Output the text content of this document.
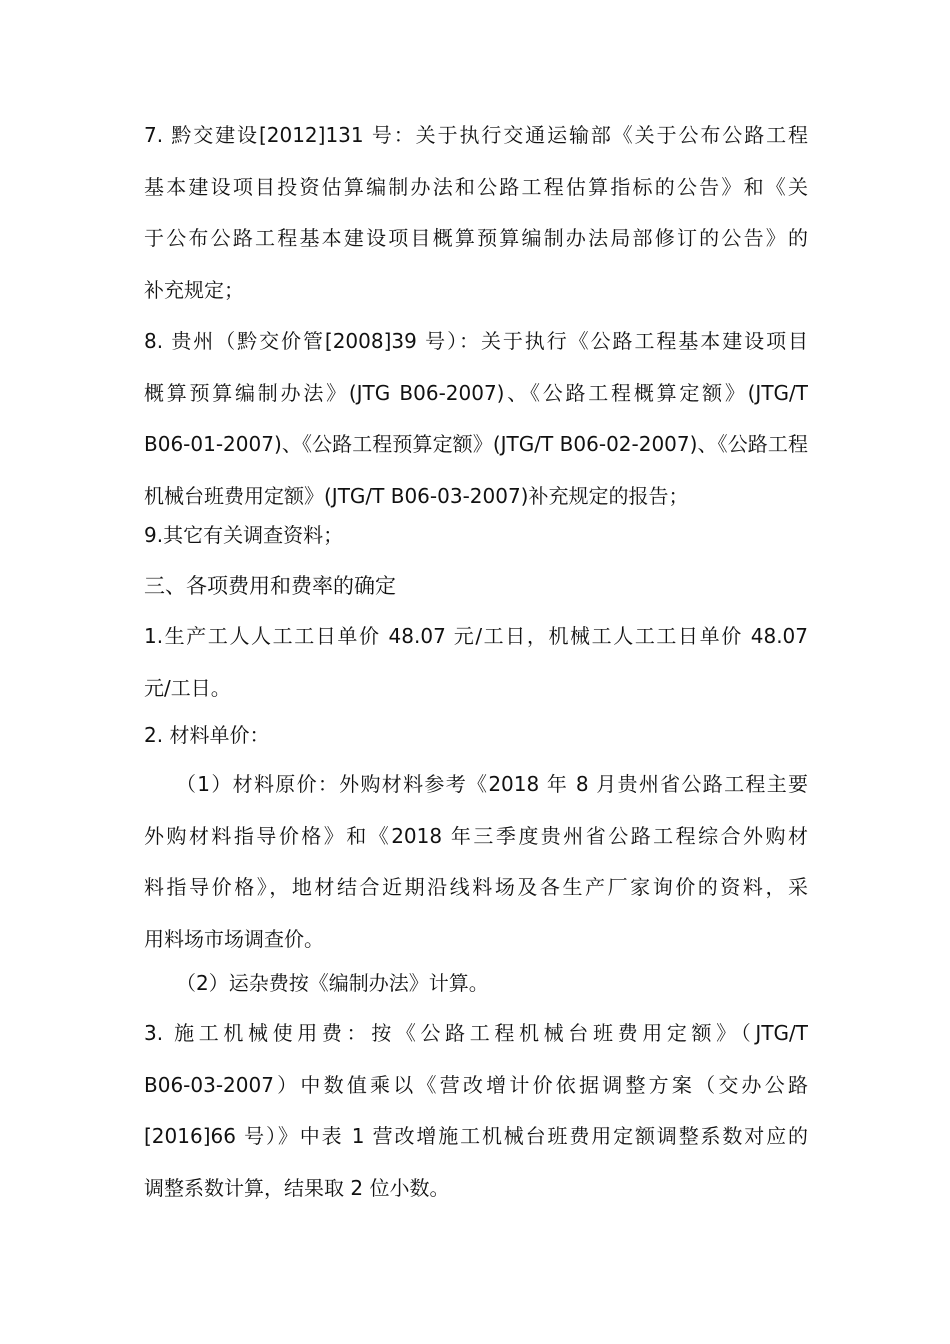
7. 黔交建设[2012]131 号：关于执行交通运输部《关于公布公路工程
基本建设项目投资估算编制办法和公路工程估算指标的公告》和《关
于公布公路工程基本建设项目概算预算编制办法局部修订的公告》的
补充规定；
8. 贵州（黔交价管[2008]39 号）：关于执行《公路工程基本建设项目
概算预算编制办法》(JTG B06-2007)、《公路工程概算定额》(JTG/T
B06-01-2007)、《公路工程预算定额》(JTG/T B06-02-2007)、《公路工程
机械台班费用定额》(JTG/T B06-03-2007)补充规定的报告；
9.其它有关调查资料；
三、各项费用和费率的确定
1.生产工人人工工日单价 48.07 元/工日，机械工人工工日单价 48.07
元/工日。
2. 材料单价：
（1）材料原价：外购材料参考《2018 年 8 月贵州省公路工程主要
外购材料指导价格》和《2018 年三季度贵州省公路工程综合外购材
料指导价格》，地材结合近期沿线料场及各生产厂家询价的资料，采
用料场市场调查价。
（2）运杂费按《编制办法》计算。
3. 施工机械使用费：按《公路工程机械台班费用定额》（JTG/T
B06-03-2007）中数值乘以《营改增计价依据调整方案（交办公路
[2016]66 号）》中表 1 营改增施工机械台班费用定额调整系数对应的
调整系数计算，结果取 2 位小数。
